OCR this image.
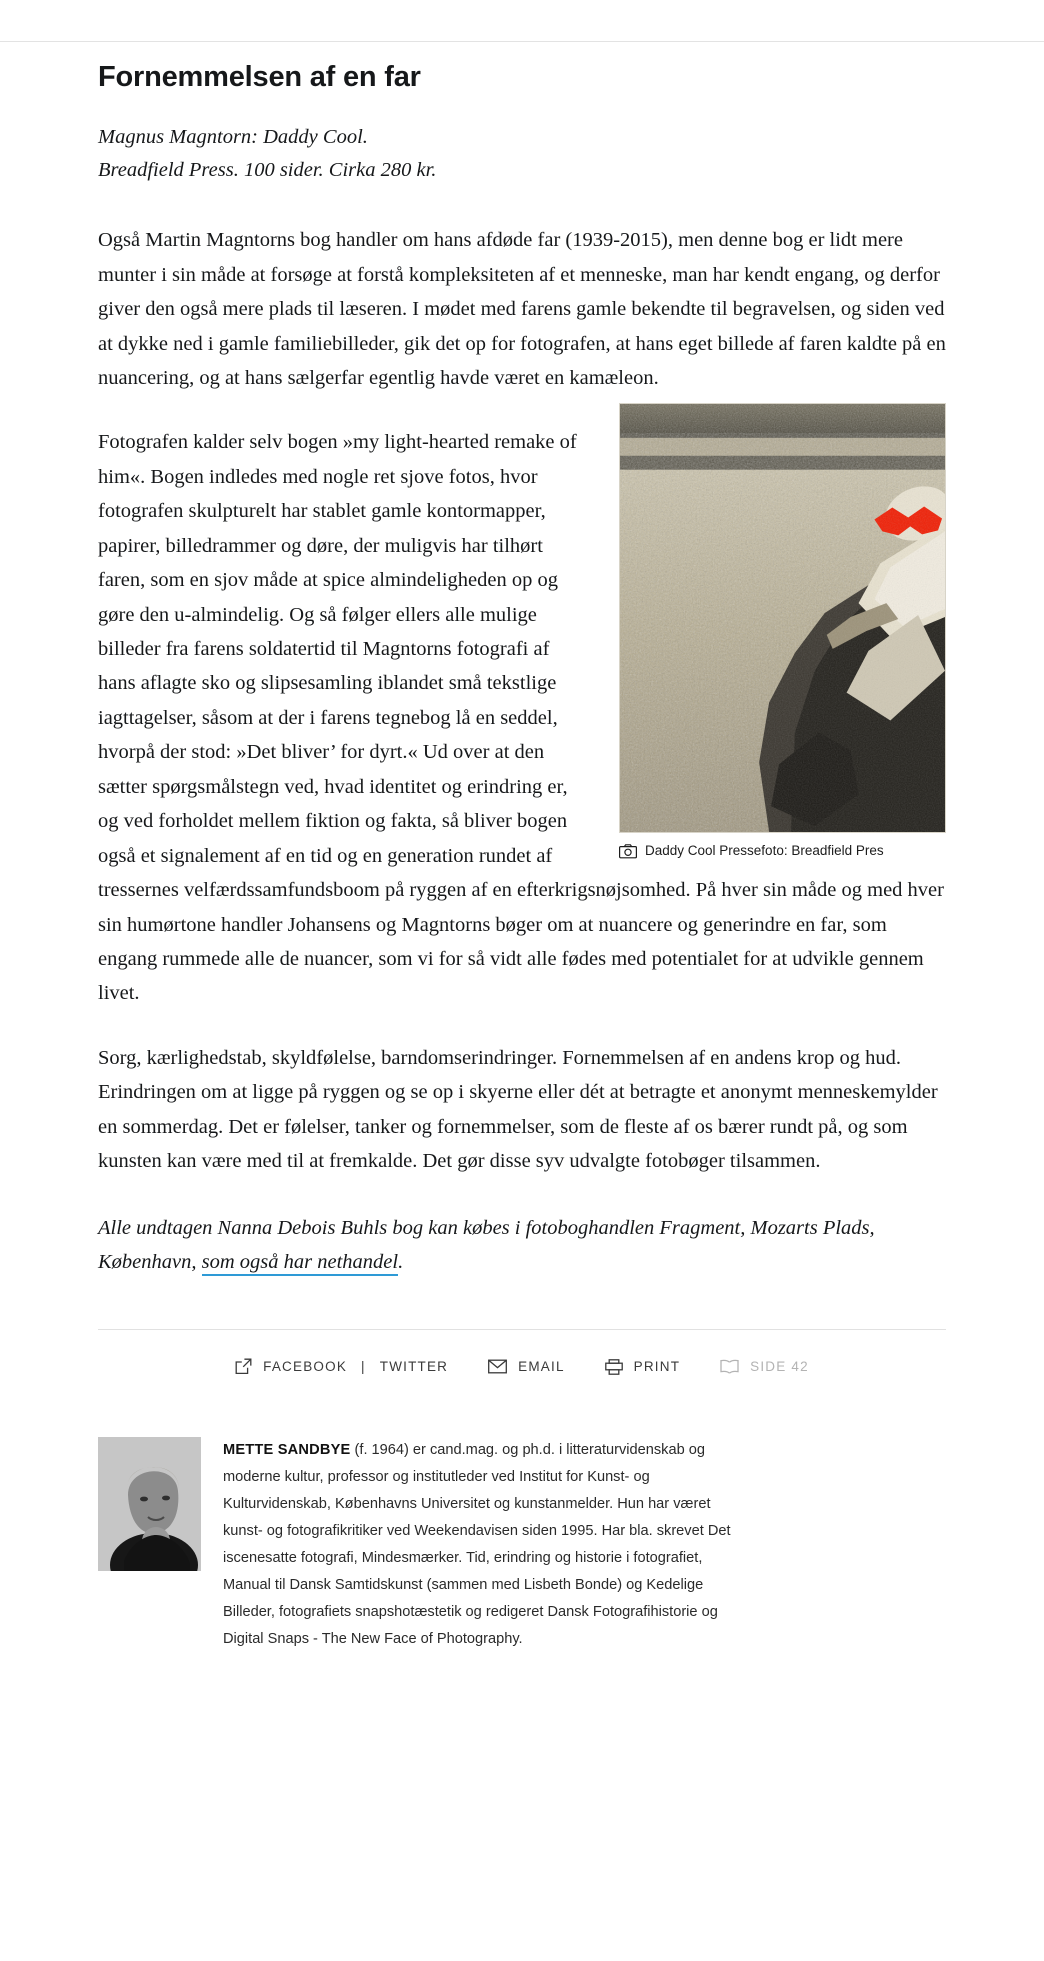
Fornemmelsen af en far
Magnus Magntorn: Daddy Cool.
Breadfield Press. 100 sider. Cirka 280 kr.

Også Martin Magntorns bog handler om hans afdøde far (1939-2015), men denne bog er lidt mere munter i sin måde at forsøge at forstå kompleksiteten af et menneske, man har kendt engang, og derfor giver den også mere plads til læseren. I mødet med farens gamle bekendte til begravelsen, og siden ved at dykke ned i gamle familiebilleder, gik det op for fotografen, at hans eget billede af faren kaldte på en nuancering, og at hans sælgerfar egentlig havde været en kamæleon.

Daddy Cool Pressefoto: Breadfield Pres

Fotografen kalder selv bogen »my light-hearted remake of him«. Bogen indledes med nogle ret sjove fotos, hvor fotografen skulpturelt har stablet gamle kontormapper, papirer, billedrammer og døre, der muligvis har tilhørt faren, som en sjov måde at spice almindeligheden op og gøre den u-almindelig. Og så følger ellers alle mulige billeder fra farens soldatertid til Magntorns fotografi af hans aflagte sko og slipsesamling iblandet små tekstlige iagttagelser, såsom at der i farens tegnebog lå en seddel, hvorpå der stod: »Det bliver’ for dyrt.« Ud over at den sætter spørgsmålstegn ved, hvad identitet og erindring er, og ved forholdet mellem fiktion og fakta, så bliver bogen også et signalement af en tid og en generation rundet af tressernes velfærdssamfundsboom på ryggen af en efterkrigsnøjsomhed. På hver sin måde og med hver sin humørtone handler Johansens og Magntorns bøger om at nuancere og generindre en far, som engang rummede alle de nuancer, som vi for så vidt alle fødes med potentialet for at udvikle gennem livet.

Sorg, kærlighedstab, skyldfølelse, barndomserindringer. Fornemmelsen af en andens krop og hud. Erindringen om at ligge på ryggen og se op i skyerne eller dét at betragte et anonymt menneskemylder en sommerdag. Det er følelser, tanker og fornemmelser, som de fleste af os bærer rundt på, og som kunsten kan være med til at fremkalde. Det gør disse syv udvalgte fotobøger tilsammen.

Alle undtagen Nanna Debois Buhls bog kan købes i fotoboghandlen Fragment, Mozarts Plads, København, som også har nethandel.

FACEBOOK | TWITTER	EMAIL	PRINT	SIDE 42
METTE SANDBYE (f. 1964) er cand.mag. og ph.d. i litteraturvidenskab og moderne kultur, professor og institutleder ved Institut for Kunst- og Kulturvidenskab, Københavns Universitet og kunstanmelder. Hun har været kunst- og fotografikritiker ved Weekendavisen siden 1995. Har bla. skrevet Det iscenesatte fotografi, Mindesmærker. Tid, erindring og historie i fotografiet, Manual til Dansk Samtidskunst (sammen med Lisbeth Bonde) og Kedelige Billeder, fotografiets snapshotæstetik og redigeret Dansk Fotografihistorie og Digital Snaps - The New Face of Photography.
